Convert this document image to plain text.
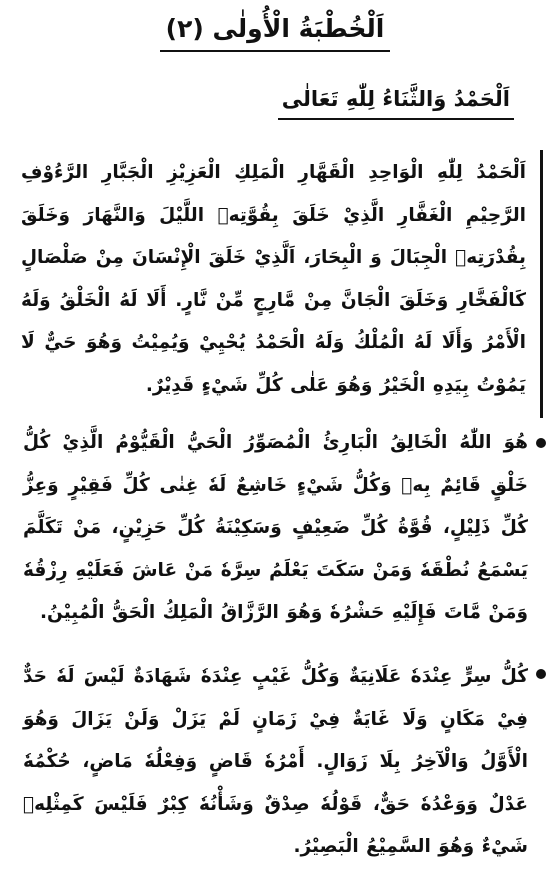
اَلْخُطْبَةُ الْأُولٰى (٢)
اَلْحَمْدُ وَالثَّنَاءُ لِلّٰهِ تَعَالٰى
اَلْحَمْدُ لِلّٰهِ الْوَاحِدِ الْقَهَّارِ الْمَلِكِ الْعَزِيْزِ الْجَبَّارِ الرَّءُوْفِ الرَّحِيْمِ الْغَفَّارِ الَّذِيْ خَلَقَ بِقُوَّتِهٖ اللَّيْلَ وَالنَّهَارَ وَخَلَقَ بِقُدْرَتِهٖ الْجِبَالَ وَ الْبِحَارَ، اَلَّذِيْ خَلَقَ الْإِنْسَانَ مِنْ صَلْصَالٍ كَالْفَخَّارِ وَخَلَقَ الْجَانَّ مِنْ مَّارِجٍ مِّنْ نَّارٍ. أَلَا لَهُ الْخَلْقُ وَلَهُ الْأَمْرُ وَأَلَا لَهُ الْمُلْكُ وَلَهُ الْحَمْدُ يُحْيِيْ وَيُمِيْتُ وَهُوَ حَيٌّ لَا يَمُوْتُ بِيَدِهِ الْخَيْرُ وَهُوَ عَلٰى كُلِّ شَيْءٍ قَدِيْرٌ.
هُوَ اللّٰهُ الْخَالِقُ الْبَارِئُ الْمُصَوِّرُ الْحَيُّ الْقَيُّوْمُ الَّذِيْ كُلُّ خَلْقٍ قَائِمٌ بِهٖ وَكُلُّ شَيْءٍ خَاشِعٌ لَهٗ غِنٰى كُلِّ فَقِيْرٍ وَعِزُّ كُلِّ ذَلِيْلٍ، قُوَّةُ كُلِّ ضَعِيْفٍ وَسَكِيْنَةُ كُلِّ حَزِيْنٍ، مَنْ تَكَلَّمَ يَسْمَعُ نُطْقَهٗ وَمَنْ سَكَتَ يَعْلَمُ سِرَّهٗ مَنْ عَاشَ فَعَلَيْهِ رِزْقُهٗ وَمَنْ مَّاتَ فَإِلَيْهِ حَشْرُهٗ وَهُوَ الرَّزَّاقُ الْمَلِكُ الْحَقُّ الْمُبِيْنُ.
كُلُّ سِرٍّ عِنْدَهٗ عَلَانِيَةٌ وَكُلُّ غَيْبٍ عِنْدَهٗ شَهَادَةٌ لَيْسَ لَهٗ حَدٌّ فِيْ مَكَانٍ وَلَا غَايَةٌ فِيْ زَمَانٍ لَمْ يَزَلْ وَلَنْ يَزَالَ وَهُوَ الْأَوَّلُ وَالْآخِرُ بِلَا زَوَالٍ. أَمْرُهٗ قَاضٍ وَفِعْلُهٗ مَاضٍ، حُكْمُهٗ عَدْلٌ وَوَعْدُهٗ حَقٌّ، قَوْلُهٗ صِدْقٌ وَشَأْنُهٗ كِبْرٌ فَلَيْسَ كَمِثْلِهٖ شَيْءٌ وَهُوَ السَّمِيْعُ الْبَصِيْرُ.
